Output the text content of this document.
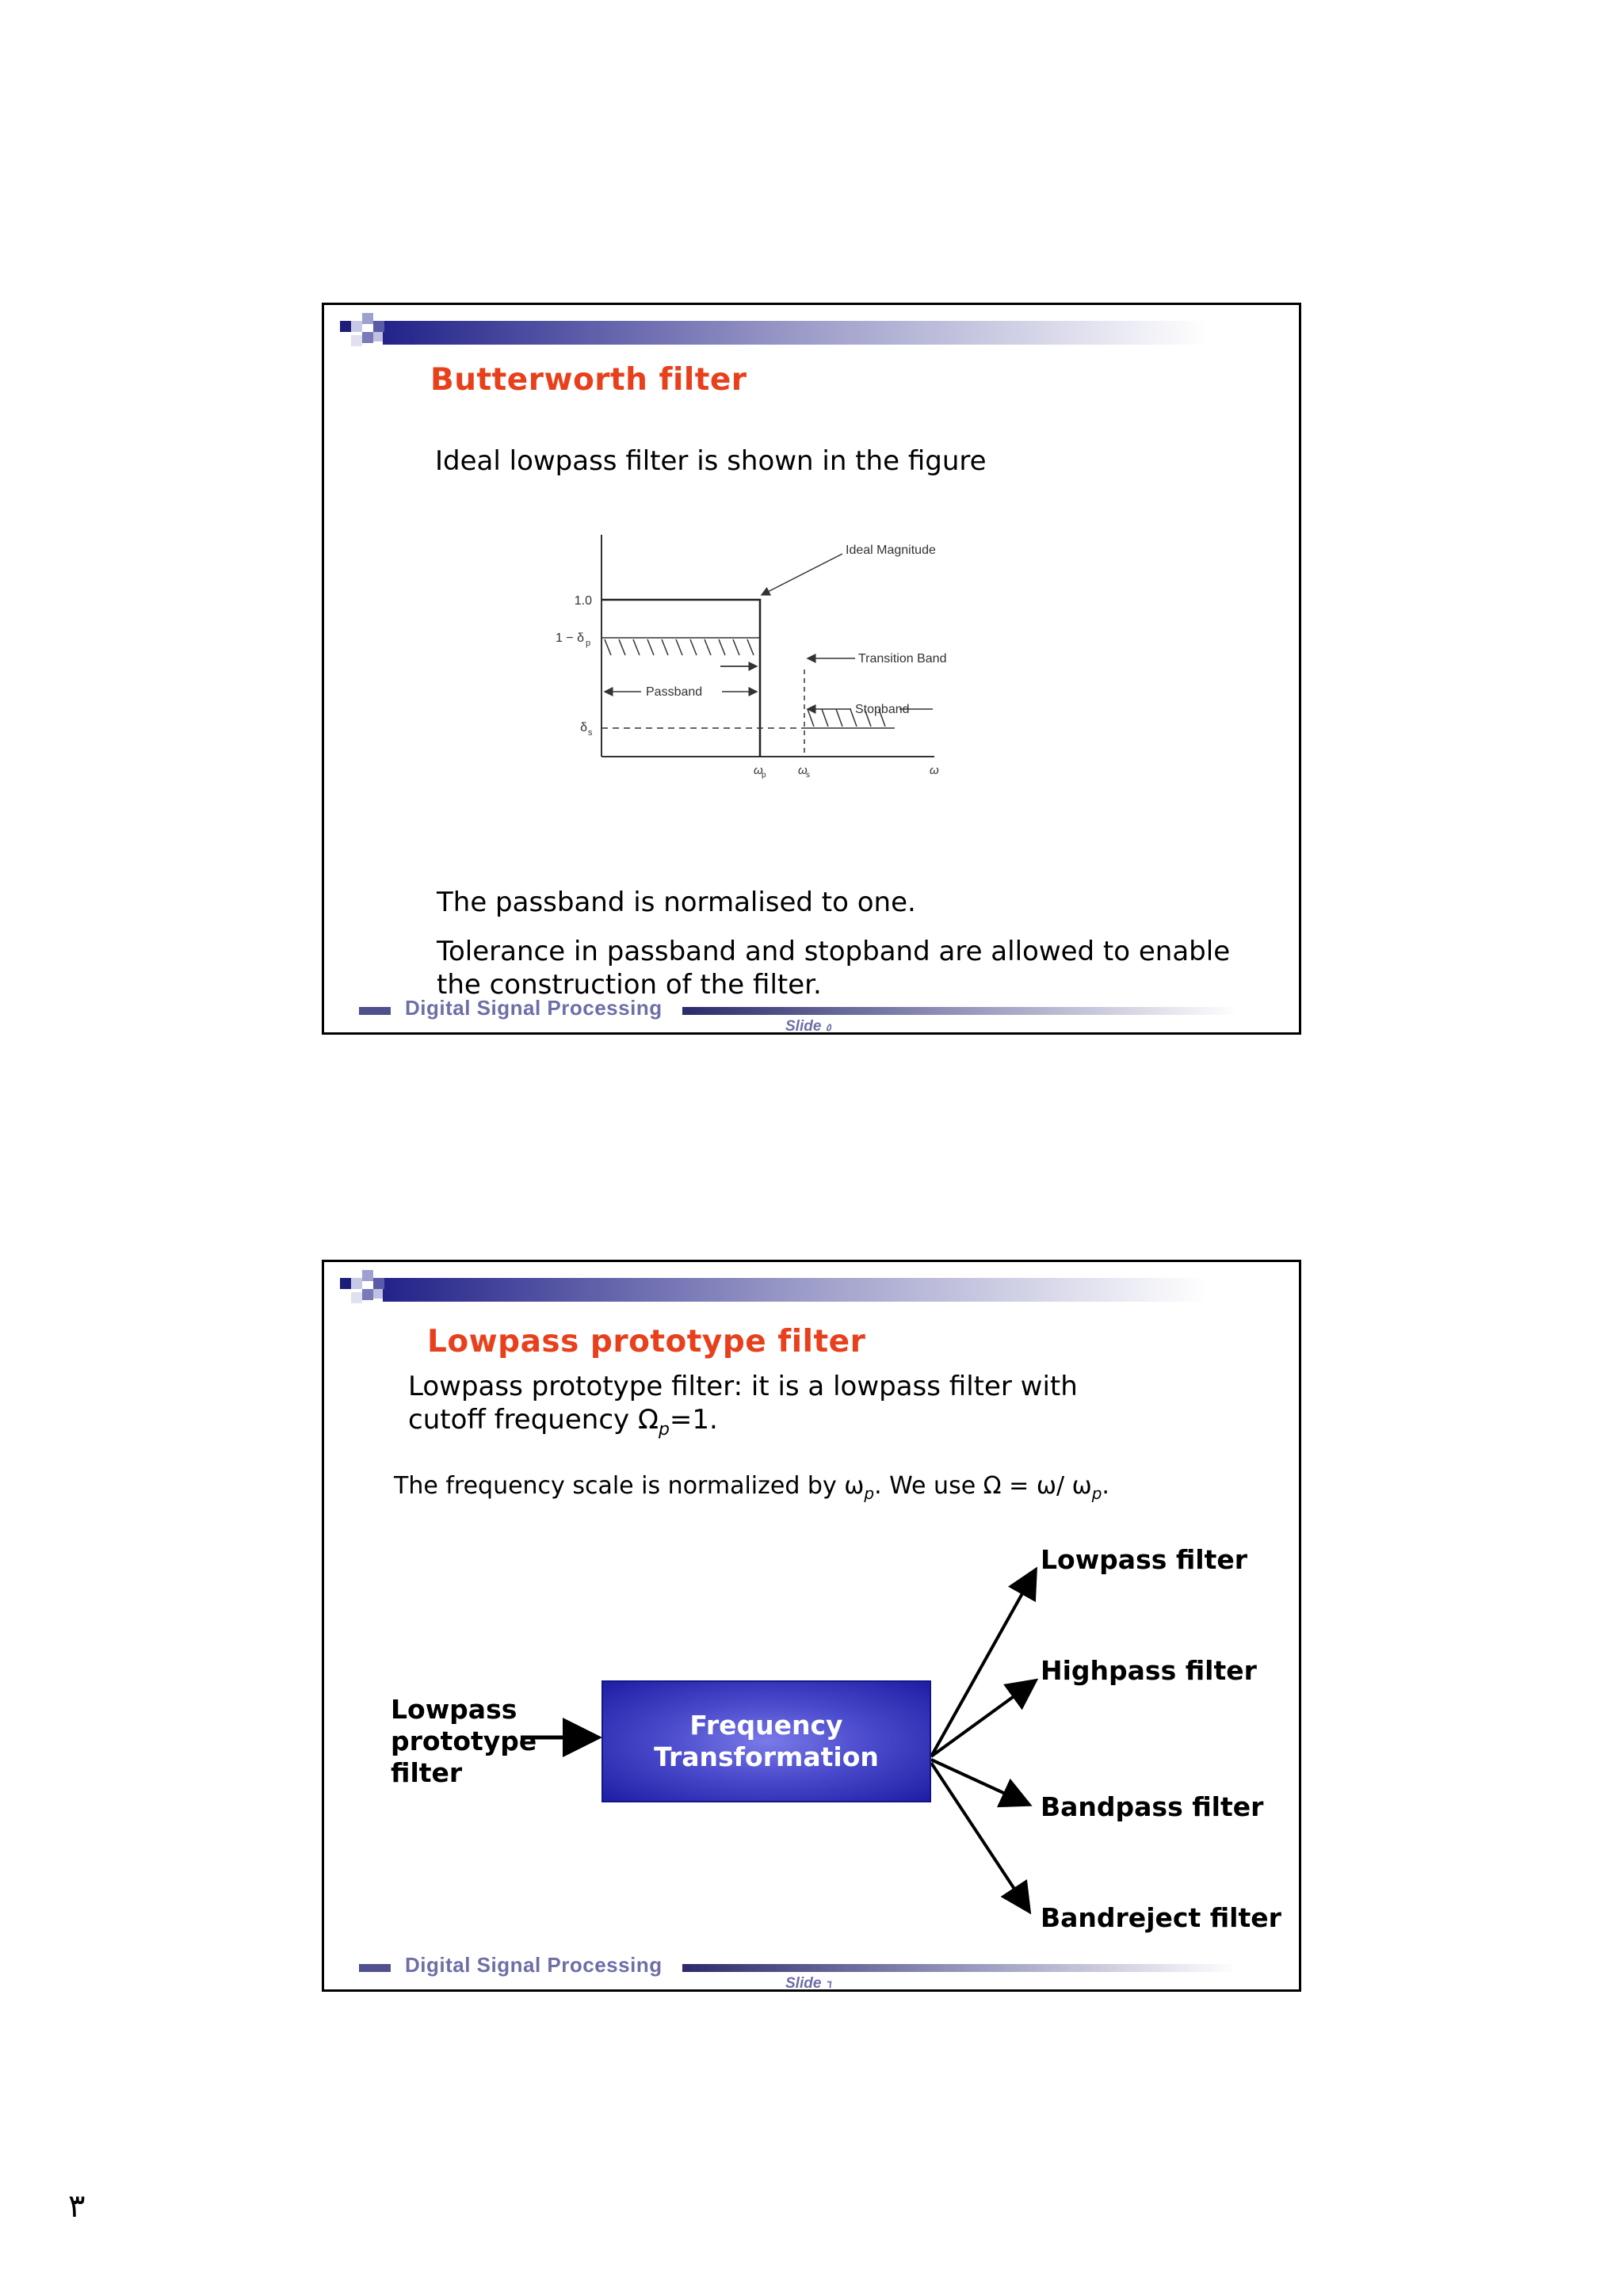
Butterworth filter

Ideal lowpass filter is shown in the figure

1.0
1 − δ p
δ s
ω
p	ω
s	ω
Ideal Magnitude
Transition Band
Passband
Stopband

The passband is normalised to one.

Tolerance in passband and stopband are allowed to enable

the construction of the filter.

Digital Signal Processing
Slide ٥
Lowpass prototype filter

Lowpass prototype filter: it is a lowpass filter with

cutoff frequency $\Omega_p=1$.

The frequency scale is normalized by $\omega_p$. We use Ω = ω/ $\omega_p$.

Lowpass
prototype
filter
Frequency
Transformation
Lowpass filter
Highpass filter
Bandpass filter
Bandreject filter
Digital Signal Processing
Slide ٦
٣
